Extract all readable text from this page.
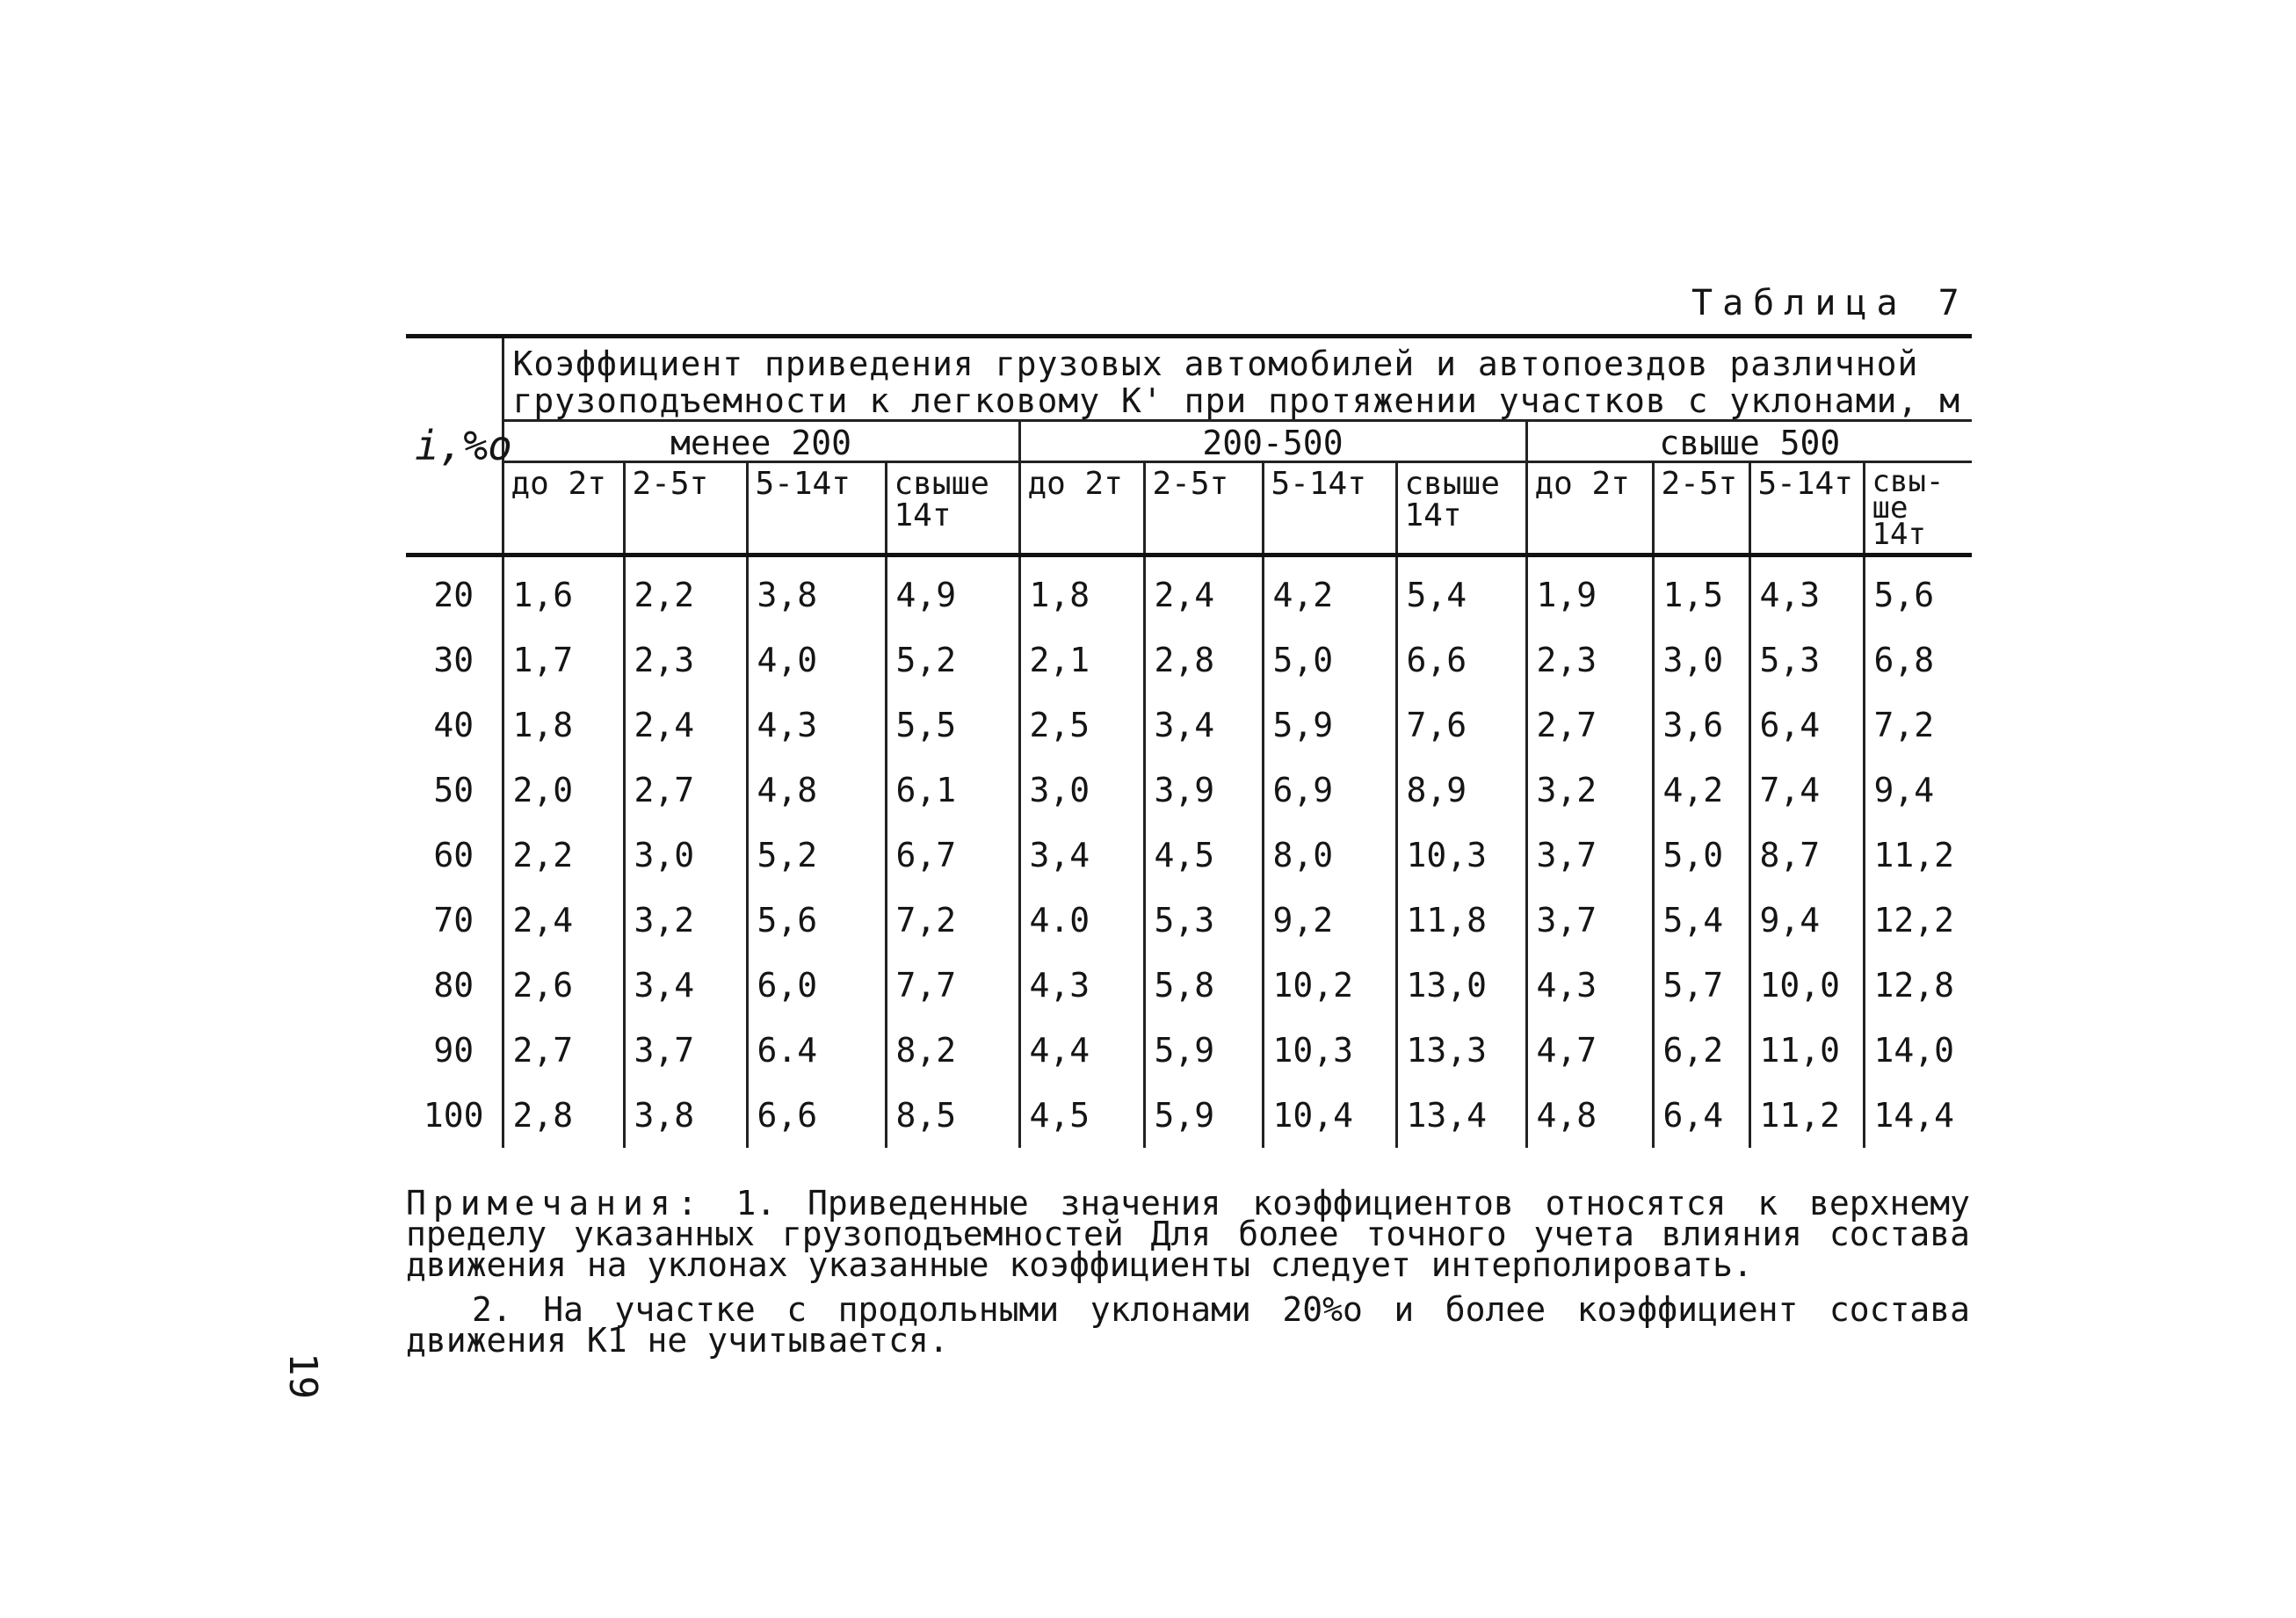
Таблица 7
i,%o	Коэффициент приведения грузовых автомобилей и автопоездов различной грузоподъемности к легковому K' при протяжении участков с уклонами, м											
	менее 200				200-500				свыше 500			
	до 2т	2-5т	5-14т	свыше 14т	до 2т	2-5т	5-14т	свыше 14т	до 2т	2-5т	5-14т	свы-ше 14т
20	1,6	2,2	3,8	4,9	1,8	2,4	4,2	5,4	1,9	1,5	4,3	5,6
30	1,7	2,3	4,0	5,2	2,1	2,8	5,0	6,6	2,3	3,0	5,3	6,8
40	1,8	2,4	4,3	5,5	2,5	3,4	5,9	7,6	2,7	3,6	6,4	7,2
50	2,0	2,7	4,8	6,1	3,0	3,9	6,9	8,9	3,2	4,2	7,4	9,4
60	2,2	3,0	5,2	6,7	3,4	4,5	8,0	10,3	3,7	5,0	8,7	11,2
70	2,4	3,2	5,6	7,2	4.0	5,3	9,2	11,8	3,7	5,4	9,4	12,2
80	2,6	3,4	6,0	7,7	4,3	5,8	10,2	13,0	4,3	5,7	10,0	12,8
90	2,7	3,7	6.4	8,2	4,4	5,9	10,3	13,3	4,7	6,2	11,0	14,0
100	2,8	3,8	6,6	8,5	4,5	5,9	10,4	13,4	4,8	6,4	11,2	14,4

Примечания: 1. Приведенные значения коэффициентов относятся к верхнему пределу указанных грузоподъемностей Для более точного учета влияния состава движения на уклонах указанные коэффициенты следует интерполировать.

2. На участке с продольными уклонами 20%о и более коэффициент состава движения K1 не учитывается.

19
